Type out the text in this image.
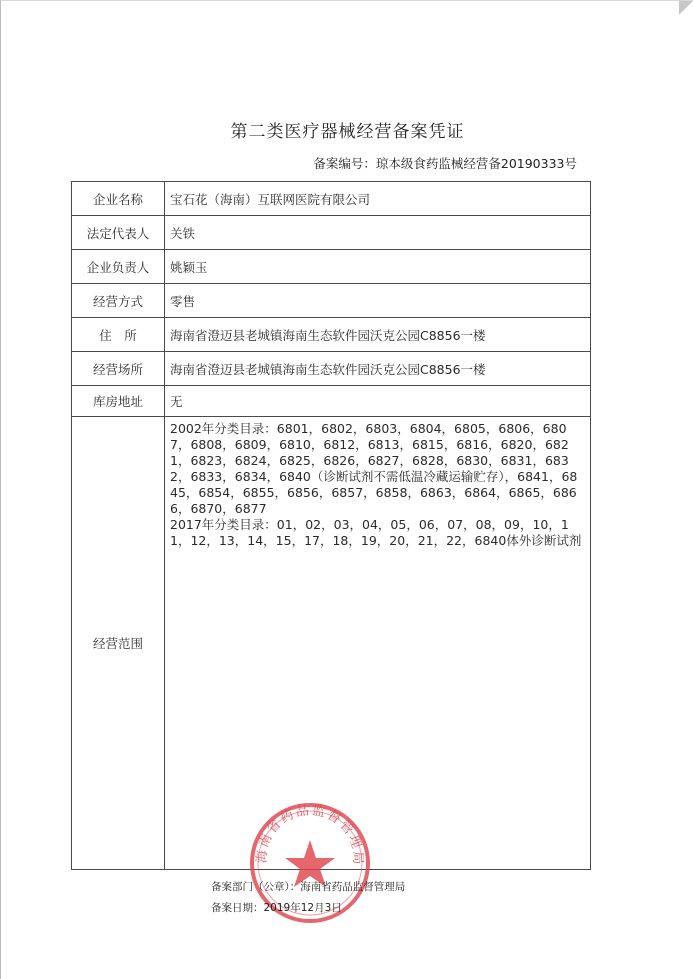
第二类医疗器械经营备案凭证
备案编号：琼本级食药监械经营备20190333号
企业名称	宝石花（海南）互联网医院有限公司
法定代表人	关铁
企业负责人	姚颖玉
经营方式	零售
住　所	海南省澄迈县老城镇海南生态软件园沃克公园C8856一楼
经营场所	海南省澄迈县老城镇海南生态软件园沃克公园C8856一楼
库房地址	无
经营范围	2002年分类目录：6801，6802，6803，6804，6805，6806，6807，6808，6809，6810，6812，6813，6815，6816，6820，6821，6823，6824，6825，6826，6827，6828，6830，6831，6832，6833，6834，6840（诊断试剂不需低温冷藏运输贮存），6841，6845，6854，6855，6856，6857，6858，6863，6864，6865，6866，6870，6877
2017年分类目录：01，02，03，04，05，06，07，08，09，10，11，12，13，14，15，17，18，19，20，21，22，6840体外诊断试剂
海南省药品监督管理局
备案部门（公章）：海南省药品监督管理局
备案日期：2019年12月3日
